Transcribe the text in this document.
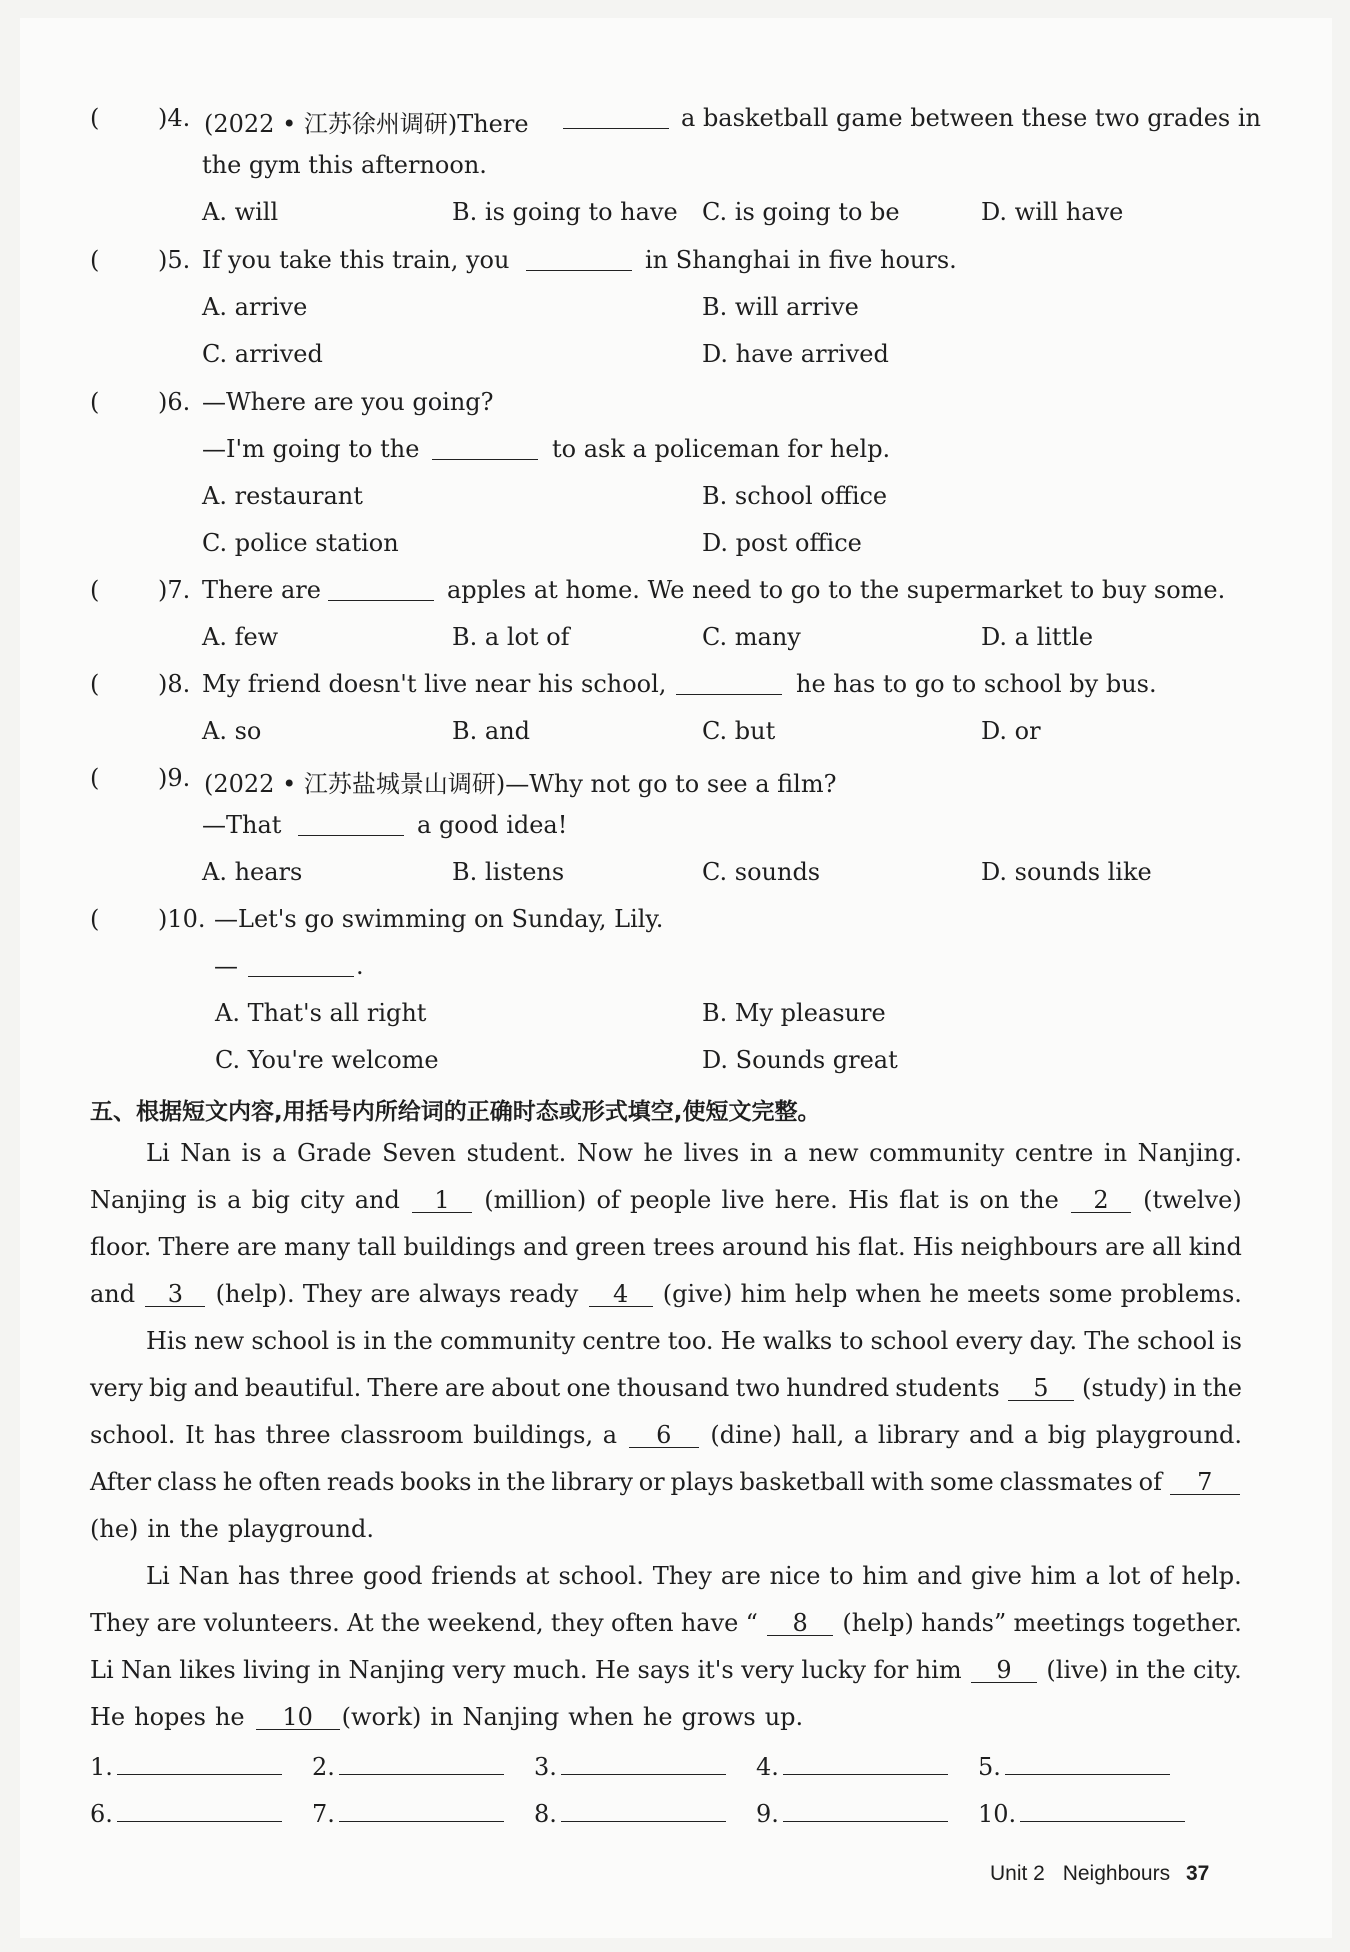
( )4. (2022 • 江苏徐州调研)There	a basketball game between these two grades in
the gym this afternoon.
A. will	B. is going to have C. is going to be	D. will have
( )5. If you take this train, you	in Shanghai in five hours.
A. arrive	B. will arrive
C. arrived	D. have arrived
( )6. —Where are you going?
—I'm going to the	to ask a policeman for help.
A. restaurant	B. school office
C. police station	D. post office
( )7. There are	apples at home. We need to go to the supermarket to buy some.
A. few	B. a lot of	C. many	D. a little
( )8. My friend doesn't live near his school,	he has to go to school by bus.
A. so	B. and	C. but	D. or
( )9. (2022 • 江苏盐城景山调研)—Why not go to see a film?
—That	a good idea!
A. hears	B. listens	C. sounds	D. sounds like
( )10. —Let's go swimming on Sunday, Lily.
—	.
A. That's all right	B. My pleasure
C. You're welcome	D. Sounds great
五、根据短文内容,用括号内所给词的正确时态或形式填空,使短文完整。
Li Nan is a Grade Seven student. Now he lives in a new community centre in Nanjing.
Nanjing is a big city and	1	(million) of people live here. His flat is on the	2	(twelve)
floor. There are many tall buildings and green trees around his flat. His neighbours are all kind
and	3	(help). They are always ready	4	(give) him help when he meets some problems.
His new school is in the community centre too. He walks to school every day. The school is
very big and beautiful. There are about one thousand two hundred students	5	(study) in the
school. It has three classroom buildings, a	6	(dine) hall, a library and a big playground.
After class he often reads books in the library or plays basketball with some classmates of	7
(he) in the playground.
Li Nan has three good friends at school. They are nice to him and give him a lot of help.
They are volunteers. At the weekend, they often have “	8	(help) hands” meetings together.
Li Nan likes living in Nanjing very much. He says it's very lucky for him	9	(live) in the city.
He hopes he	10	(work) in Nanjing when he grows up.
1.	2.	3.	4.	5.
6.	7.	8.	9.	10.
Unit 2 Neighbours 37
